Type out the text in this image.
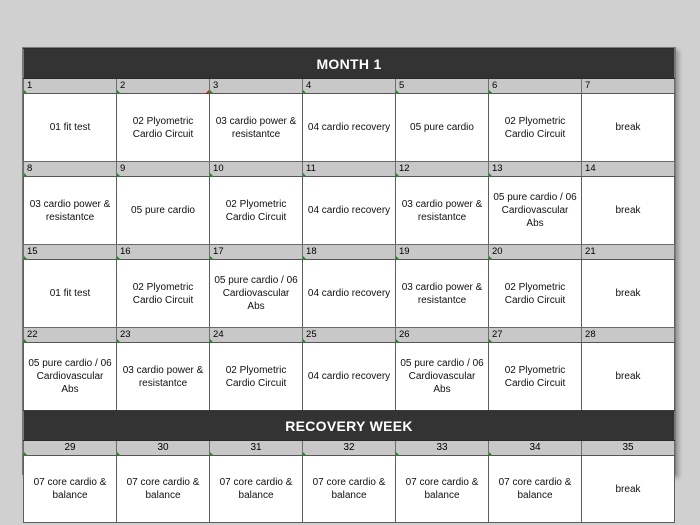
MONTH 1						
1	2	3	4	5	6	7
01 fit test	02 Plyometric Cardio Circuit	03 cardio power & resistantce	04 cardio recovery	05 pure cardio	02 Plyometric Cardio Circuit	break
8	9	10	11	12	13	14
03 cardio power & resistantce	05 pure cardio	02 Plyometric Cardio Circuit	04 cardio recovery	03 cardio power & resistantce	05 pure cardio / 06 Cardiovascular Abs	break
15	16	17	18	19	20	21
01 fit test	02 Plyometric Cardio Circuit	05 pure cardio / 06 Cardiovascular Abs	04 cardio recovery	03 cardio power & resistantce	02 Plyometric Cardio Circuit	break
22	23	24	25	26	27	28
05 pure cardio / 06 Cardiovascular Abs	03 cardio power & resistantce	02 Plyometric Cardio Circuit	04 cardio recovery	05 pure cardio / 06 Cardiovascular Abs	02 Plyometric Cardio Circuit	break
RECOVERY WEEK						
29	30	31	32	33	34	35
07 core cardio & balance	07 core cardio & balance	07 core cardio & balance	07 core cardio & balance	07 core cardio & balance	07 core cardio & balance	break
